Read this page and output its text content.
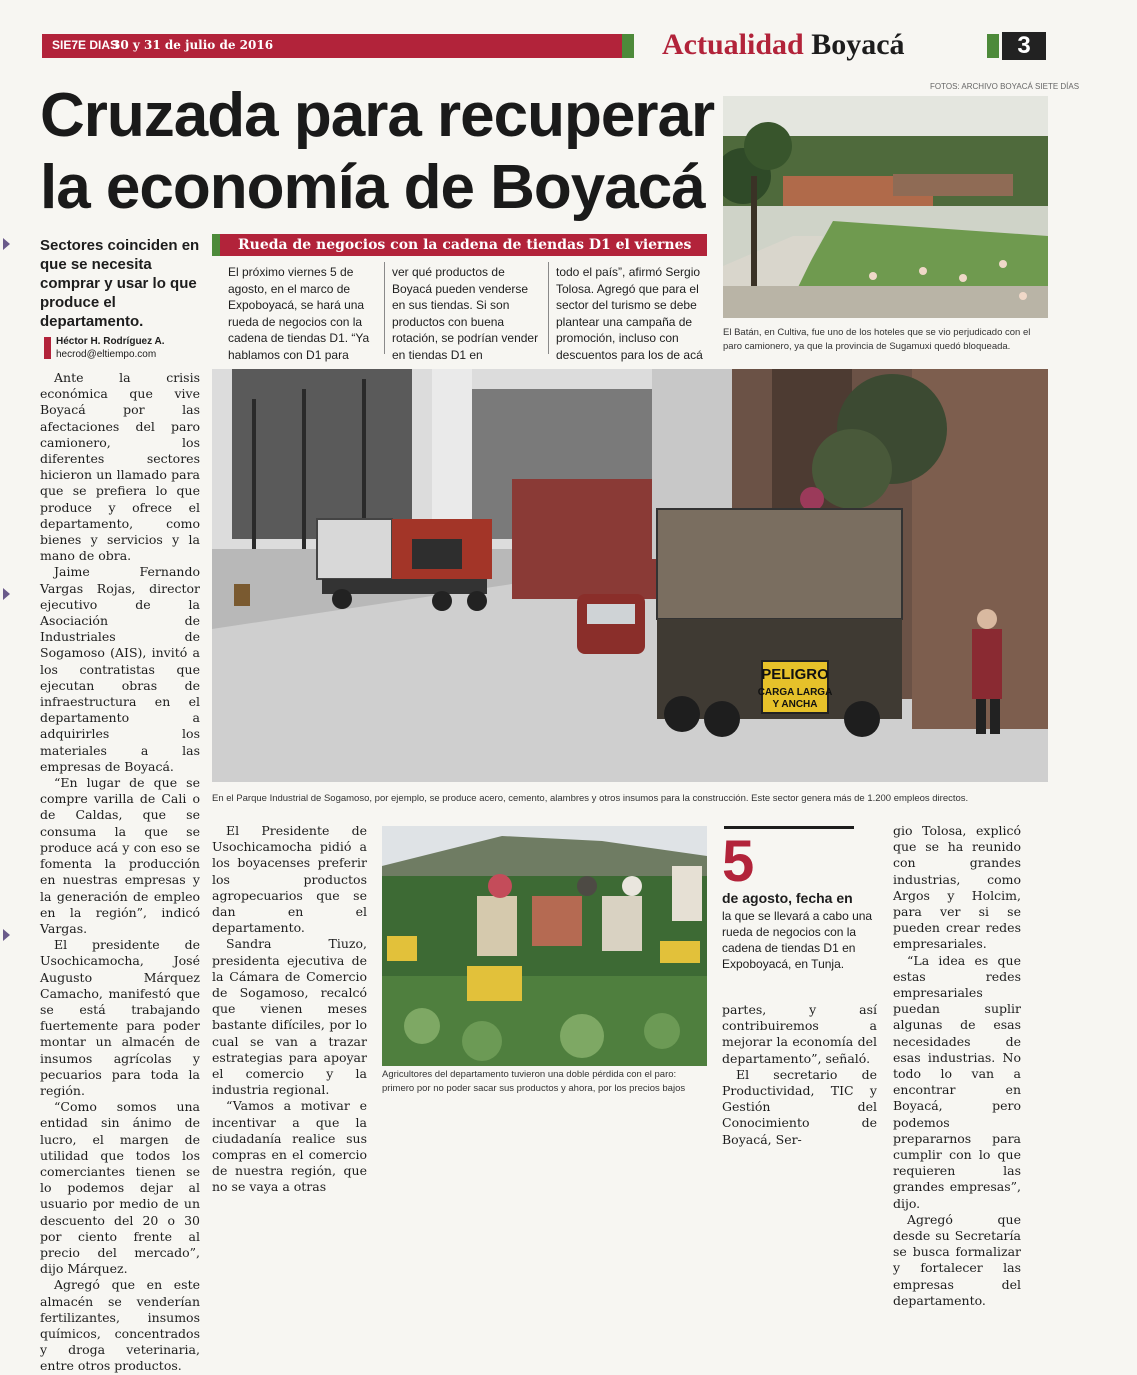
SIE7E DIAS
30 y 31 de julio de 2016	Actualidad Boyacá	3
FOTOS: ARCHIVO BOYACÁ SIETE DÍAS
Cruzada para recuperar
la economía de Boyacá
Sectores coinciden en que se necesita comprar y usar lo que produce el departamento.
Héctor H. Rodríguez A.
hecrod@eltiempo.com

Ante la crisis económica que vive Boyacá por las afectaciones del paro camionero, los diferentes sectores hicieron un llamado para que se prefiera lo que produce y ofrece el departamento, como bienes y servicios y la mano de obra.

Jaime Fernando Vargas Rojas, director ejecutivo de la Asociación de Industriales de Sogamoso (AIS), invitó a los contratistas que ejecutan obras de infraestructura en el departamento a adquirirles los materiales a las empresas de Boyacá.

“En lugar de que se compre varilla de Cali o de Caldas, que se consuma la que se produce acá y con eso se fomenta la producción en nuestras empresas y la generación de empleo en la región”, indicó Vargas.

El presidente de Usochicamocha, José Augusto Márquez Camacho, manifestó que se está trabajando fuertemente para poder montar un almacén de insumos agrícolas y pecuarios para toda la región.

“Como somos una entidad sin ánimo de lucro, el margen de utilidad que todos los comerciantes tienen se lo podemos dejar al usuario por medio de un descuento del 20 o 30 por ciento frente al precio del mercado”, dijo Márquez.

Agregó que en este almacén se venderían fertilizantes, insumos químicos, concentrados y droga veterinaria, entre otros productos.

Rueda de negocios con la cadena de tiendas D1 el viernes
El próximo viernes 5 de agosto, en el marco de Expoboyacá, se hará una rueda de negocios con la cadena de tiendas D1. “Ya hablamos con D1 para
ver qué productos de Boyacá pueden venderse en sus tiendas. Si son productos con buena rotación, se podrían vender en tiendas D1 en
todo el país”, afirmó Sergio Tolosa. Agregó que para el sector del turismo se debe plantear una campaña de promoción, incluso con descuentos para los de acá
El Batán, en Cultiva, fue uno de los hoteles que se vio perjudicado con el paro camionero, ya que la provincia de Sugamuxi quedó bloqueada.
PELIGRO
CARGA LARGA
Y ANCHA
En el Parque Industrial de Sogamoso, por ejemplo, se produce acero, cemento, alambres y otros insumos para la construcción. Este sector genera más de 1.200 empleos directos.

El Presidente de Usochicamocha pidió a los boyacenses preferir los productos agropecuarios que se dan en el departamento.

Sandra Tiuzo, presidenta ejecutiva de la Cámara de Comercio de Sogamoso, recalcó que vienen meses bastante difíciles, por lo cual se van a trazar estrategias para apoyar el comercio y la industria regional.

“Vamos a motivar e incentivar a que la ciudadanía realice sus compras en el comercio de nuestra región, que no se vaya a otras

Agricultores del departamento tuvieron una doble pérdida con el paro: primero por no poder sacar sus productos y ahora, por los precios bajos
5
de agosto, fecha en
la que se llevará a cabo una rueda de negocios con la cadena de tiendas D1 en Expoboyacá, en Tunja.

partes, y así contribuiremos a mejorar la economía del departamento”, señaló.

El secretario de Productividad, TIC y Gestión del Conocimiento de Boyacá, Ser-

gio Tolosa, explicó que se ha reunido con grandes industrias, como Argos y Holcim, para ver si se pueden crear redes empresariales.

“La idea es que estas redes empresariales puedan suplir algunas de esas necesidades de esas industrias. No todo lo van a encontrar en Boyacá, pero podemos prepararnos para cumplir con lo que requieren las grandes empresas”, dijo.

Agregó que desde su Secretaría se busca formalizar y fortalecer las empresas del departamento.
